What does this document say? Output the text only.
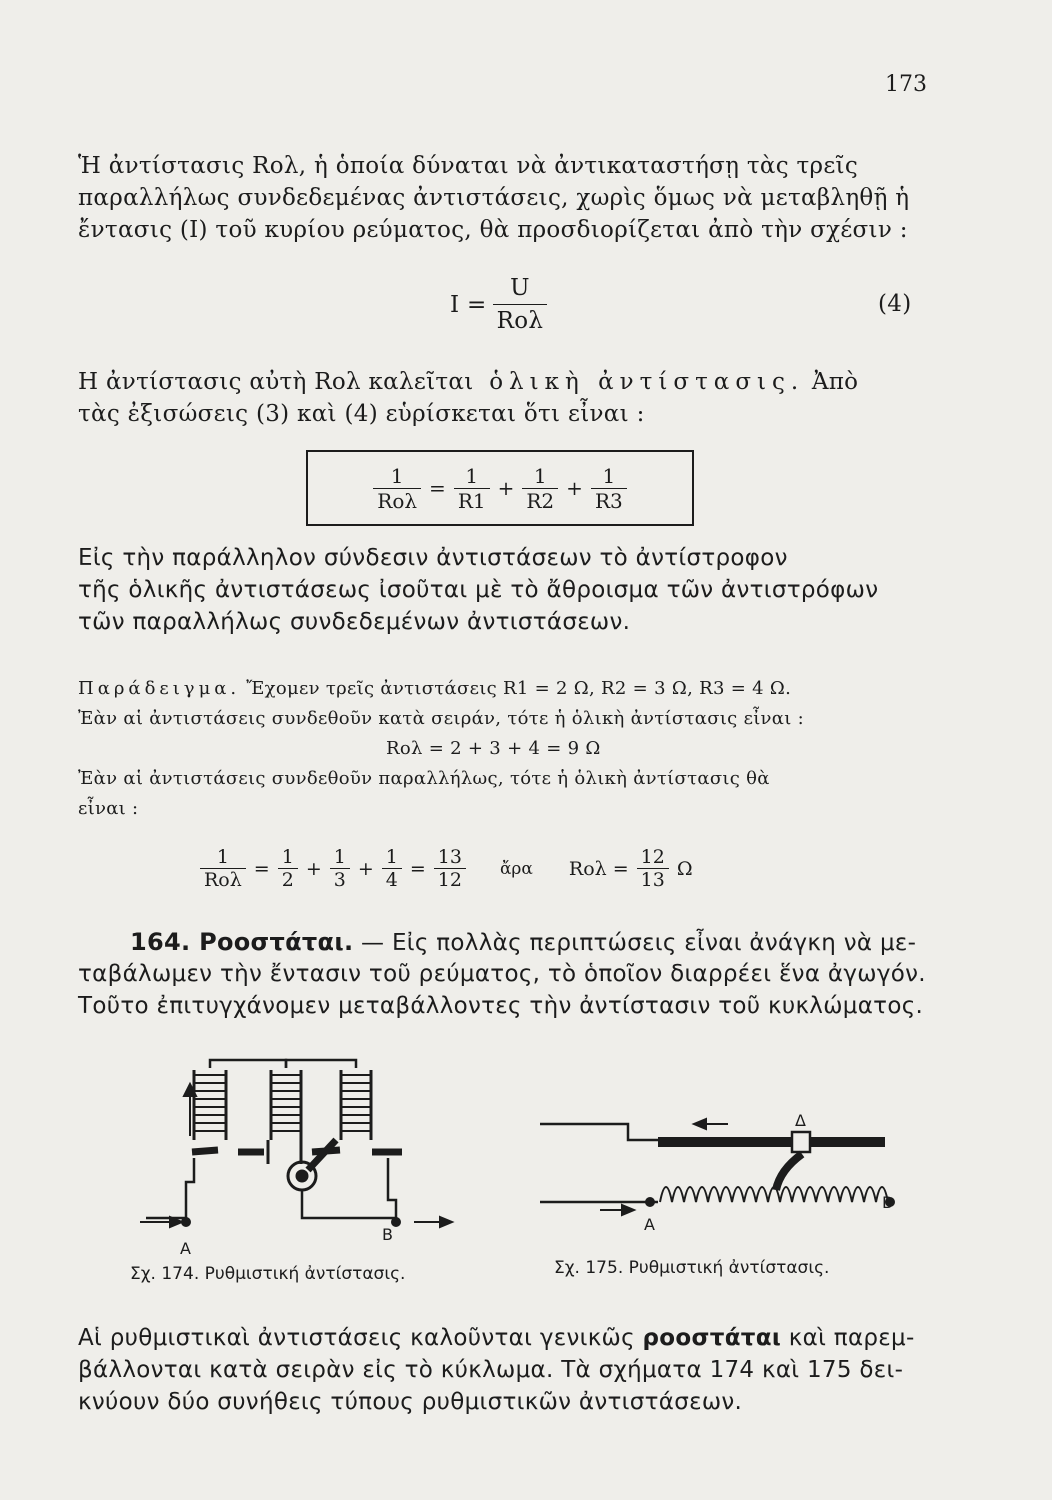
173
Ἡ ἀντίστασις Rολ, ἡ ὁποία δύναται νὰ ἀντικαταστήσῃ τὰς τρεῖς
παραλλήλως συνδεδεμένας ἀντιστάσεις, χωρὶς ὅμως νὰ μεταβληθῇ ἡ
ἔντασις (I) τοῦ κυρίου ρεύματος, θὰ προσδιορίζεται ἀπὸ τὴν σχέσιν :
$I = \frac{U}{\text{Rολ}}$	(4)
Η ἀντίστασις αὐτὴ Rολ καλεῖται ὁλικὴ ἀντίστασις. Ἀπὸ
τὰς ἐξισώσεις (3) καὶ (4) εὑρίσκεται ὅτι εἶναι :
$\frac{1}{\text{Rολ}} = \frac{1}{R1} + \frac{1}{R2} + \frac{1}{R3}$
Εἰς τὴν παράλληλον σύνδεσιν ἀντιστάσεων τὸ ἀντίστροφον
τῆς ὁλικῆς ἀντιστάσεως ἰσοῦται μὲ τὸ ἄθροισμα τῶν ἀντιστρόφων
τῶν παραλλήλως συνδεδεμένων ἀντιστάσεων.
Παράδειγμα. Ἔχομεν τρεῖς ἀντιστάσεις R1 = 2 Ω, R2 = 3 Ω, R3 = 4 Ω.
Ἐὰν αἱ ἀντιστάσεις συνδεθοῦν κατὰ σειράν, τότε ἡ ὁλικὴ ἀντίστασις εἶναι :
Rολ = 2 + 3 + 4 = 9 Ω
Ἐὰν αἱ ἀντιστάσεις συνδεθοῦν παραλλήλως, τότε ἡ ὁλικὴ ἀντίστασις θὰ
εἶναι :
$\frac{1}{\text{Rολ}} = \frac{1}{2} + \frac{1}{3} + \frac{1}{4} = \frac{13}{12}$ ἄρα $Ro\lambda = \frac{12}{13}$ Ω
164. Ροοστάται. — Εἰς πολλὰς περιπτώσεις εἶναι ἀνάγκη νὰ με-
ταβάλωμεν τὴν ἔντασιν τοῦ ρεύματος, τὸ ὁποῖον διαρρέει ἕνα ἀγωγόν.
Τοῦτο ἐπιτυγχάνομεν μεταβάλλοντες τὴν ἀντίστασιν τοῦ κυκλώματος.
A
B
Σχ. 174. Ρυθμιστική ἀντίστασις.
Δ
A
B
Σχ. 175. Ρυθμιστική ἀντίστασις.
Αἱ ρυθμιστικαὶ ἀντιστάσεις καλοῦνται γενικῶς ροοστάται καὶ παρεμ-
βάλλονται κατὰ σειρὰν εἰς τὸ κύκλωμα. Τὰ σχήματα 174 καὶ 175 δει-
κνύουν δύο συνήθεις τύπους ρυθμιστικῶν ἀντιστάσεων.
